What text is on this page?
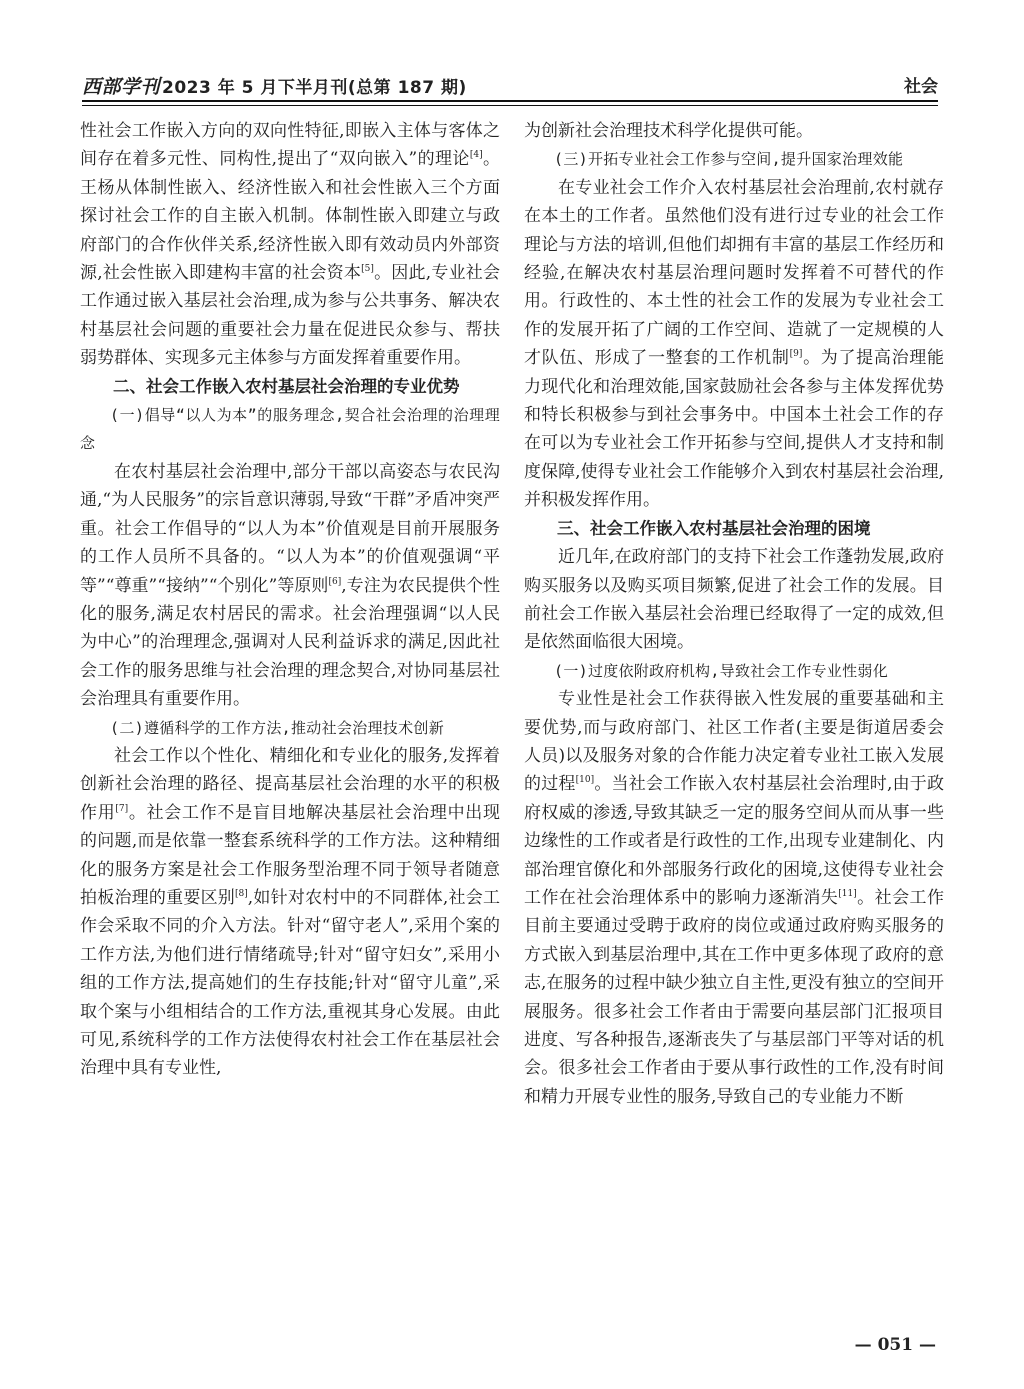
西部学刊 2023 年 5 月下半月刊(总第 187 期)	社会

性社会工作嵌入方向的双向性特征,即嵌入主体与客体之间存在着多元性、同构性,提出了“双向嵌入”的理论[4]。王杨从体制性嵌入、经济性嵌入和社会性嵌入三个方面探讨社会工作的自主嵌入机制。体制性嵌入即建立与政府部门的合作伙伴关系,经济性嵌入即有效动员内外部资源,社会性嵌入即建构丰富的社会资本[5]。因此,专业社会工作通过嵌入基层社会治理,成为参与公共事务、解决农村基层社会问题的重要社会力量在促进民众参与、帮扶弱势群体、实现多元主体参与方面发挥着重要作用。

二、社会工作嵌入农村基层社会治理的专业优势
(一)倡导“以人为本”的服务理念,契合社会治理的治理理念

在农村基层社会治理中,部分干部以高姿态与农民沟通,“为人民服务”的宗旨意识薄弱,导致“干群”矛盾冲突严重。社会工作倡导的“以人为本”价值观是目前开展服务的工作人员所不具备的。“以人为本”的价值观强调“平等”“尊重”“接纳”“个别化”等原则[6],专注为农民提供个性化的服务,满足农村居民的需求。社会治理强调“以人民为中心”的治理理念,强调对人民利益诉求的满足,因此社会工作的服务思维与社会治理的理念契合,对协同基层社会治理具有重要作用。

(二)遵循科学的工作方法,推动社会治理技术创新

社会工作以个性化、精细化和专业化的服务,发挥着创新社会治理的路径、提高基层社会治理的水平的积极作用[7]。社会工作不是盲目地解决基层社会治理中出现的问题,而是依靠一整套系统科学的工作方法。这种精细化的服务方案是社会工作服务型治理不同于领导者随意拍板治理的重要区别[8],如针对农村中的不同群体,社会工作会采取不同的介入方法。针对“留守老人”,采用个案的工作方法,为他们进行情绪疏导;针对“留守妇女”,采用小组的工作方法,提高她们的生存技能;针对“留守儿童”,采取个案与小组相结合的工作方法,重视其身心发展。由此可见,系统科学的工作方法使得农村社会工作在基层社会治理中具有专业性,

为创新社会治理技术科学化提供可能。

(三)开拓专业社会工作参与空间,提升国家治理效能

在专业社会工作介入农村基层社会治理前,农村就存在本土的工作者。虽然他们没有进行过专业的社会工作理论与方法的培训,但他们却拥有丰富的基层工作经历和经验,在解决农村基层治理问题时发挥着不可替代的作用。行政性的、本土性的社会工作的发展为专业社会工作的发展开拓了广阔的工作空间、造就了一定规模的人才队伍、形成了一整套的工作机制[9]。为了提高治理能力现代化和治理效能,国家鼓励社会各参与主体发挥优势和特长积极参与到社会事务中。中国本土社会工作的存在可以为专业社会工作开拓参与空间,提供人才支持和制度保障,使得专业社会工作能够介入到农村基层社会治理,并积极发挥作用。

三、社会工作嵌入农村基层社会治理的困境

近几年,在政府部门的支持下社会工作蓬勃发展,政府购买服务以及购买项目频繁,促进了社会工作的发展。目前社会工作嵌入基层社会治理已经取得了一定的成效,但是依然面临很大困境。

(一)过度依附政府机构,导致社会工作专业性弱化

专业性是社会工作获得嵌入性发展的重要基础和主要优势,而与政府部门、社区工作者(主要是街道居委会人员)以及服务对象的合作能力决定着专业社工嵌入发展的过程[10]。当社会工作嵌入农村基层社会治理时,由于政府权威的渗透,导致其缺乏一定的服务空间从而从事一些边缘性的工作或者是行政性的工作,出现专业建制化、内部治理官僚化和外部服务行政化的困境,这使得专业社会工作在社会治理体系中的影响力逐渐消失[11]。社会工作目前主要通过受聘于政府的岗位或通过政府购买服务的方式嵌入到基层治理中,其在工作中更多体现了政府的意志,在服务的过程中缺少独立自主性,更没有独立的空间开展服务。很多社会工作者由于需要向基层部门汇报项目进度、写各种报告,逐渐丧失了与基层部门平等对话的机会。很多社会工作者由于要从事行政性的工作,没有时间和精力开展专业性的服务,导致自己的专业能力不断

— 051 —
